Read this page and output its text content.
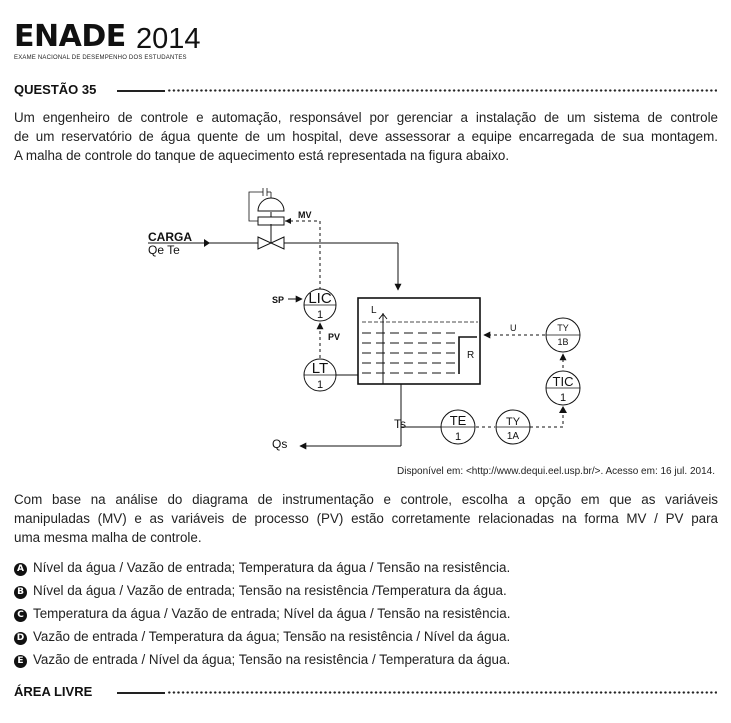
ENADE 2014
EXAME NACIONAL DE DESEMPENHO DOS ESTUDANTES
QUESTÃO 35
Um engenheiro de controle e automação, responsável por gerenciar a instalação de um sistema de controle
de um reservatório de água quente de um hospital, deve assessorar a equipe encarregada de sua montagem.
A malha de controle do tanque de aquecimento está representada na figura abaixo.
CARGA
Qe Te
MV
LIC
1
SP
PV
LT
1
L
R
U	TY
1B
TIC
1
Qs
Ts	TE
1
TY
1A
Disponível em: <http://www.dequi.eel.usp.br/>. Acesso em: 16 jul. 2014.
Com base na análise do diagrama de instrumentação e controle, escolha a opção em que as variáveis
manipuladas (MV) e as variáveis de processo (PV) estão corretamente relacionadas na forma MV / PV para
uma mesma malha de controle.
A Nível da água / Vazão de entrada; Temperatura da água / Tensão na resistência.
B Nível da água / Vazão de entrada; Tensão na resistência /Temperatura da água.
C Temperatura da água / Vazão de entrada; Nível da água / Tensão na resistência.
D Vazão de entrada / Temperatura da água; Tensão na resistência / Nível da água.
E Vazão de entrada / Nível da água; Tensão na resistência / Temperatura da água.
ÁREA LIVRE
